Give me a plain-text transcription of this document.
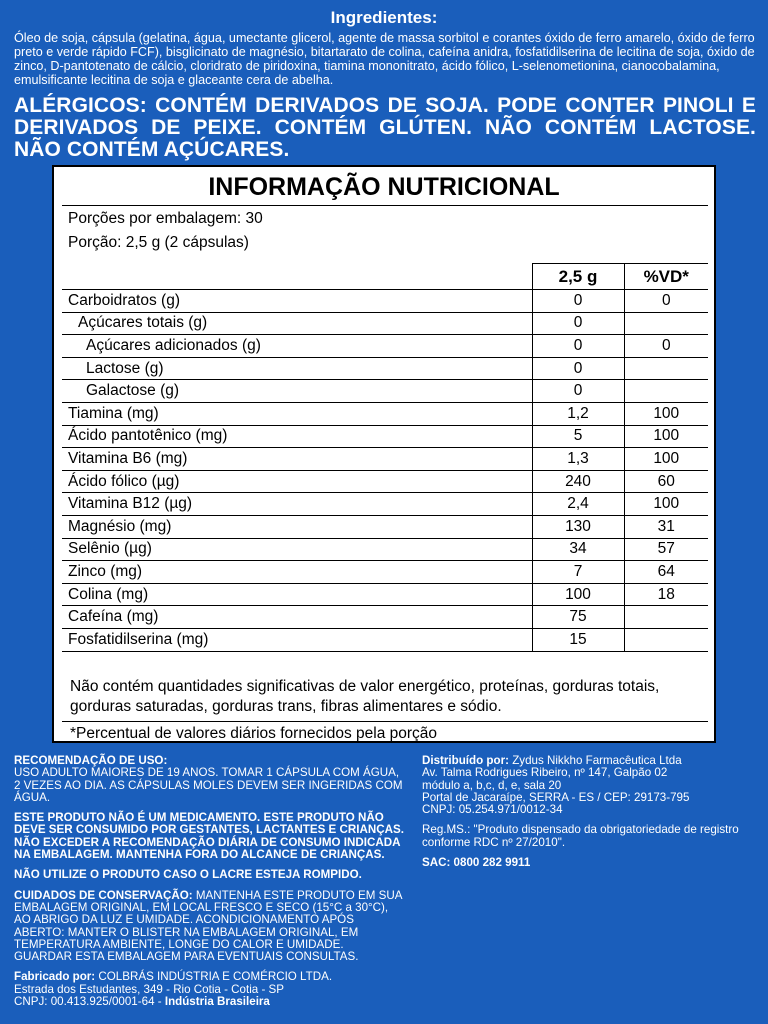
Ingredientes:
Óleo de soja, cápsula (gelatina, água, umectante glicerol, agente de massa sorbitol e corantes óxido de ferro amarelo, óxido de ferro preto e verde rápido FCF), bisglicinato de magnésio, bitartarato de colina, cafeína anidra, fosfatidilserina de lecitina de soja, óxido de zinco, D-pantotenato de cálcio, cloridrato de piridoxina, tiamina mononitrato, ácido fólico, L-selenometionina, cianocobalamina, emulsificante lecitina de soja e glaceante cera de abelha.
ALÉRGICOS: CONTÉM DERIVADOS DE SOJA. PODE CONTER PINOLI E DERIVADOS DE PEIXE. CONTÉM GLÚTEN. NÃO CONTÉM LACTOSE. NÃO CONTÉM AÇÚCARES.
INFORMAÇÃO NUTRICIONAL
Porções por embalagem: 30
Porção: 2,5 g (2 cápsulas)
	2,5 g	%VD*
Carboidratos (g)	0	0
Açúcares totais (g)	0	
Açúcares adicionados (g)	0	0
Lactose (g)	0	
Galactose (g)	0	
Tiamina (mg)	1,2	100
Ácido pantotênico (mg)	5	100
Vitamina B6 (mg)	1,3	100
Ácido fólico (µg)	240	60
Vitamina B12 (µg)	2,4	100
Magnésio (mg)	130	31
Selênio (µg)	34	57
Zinco (mg)	7	64
Colina (mg)	100	18
Cafeína (mg)	75	
Fosfatidilserina (mg)	15	
Não contém quantidades significativas de valor energético, proteínas, gorduras totais, gorduras saturadas, gorduras trans, fibras alimentares e sódio.
*Percentual de valores diários fornecidos pela porção
RECOMENDAÇÃO DE USO:
USO ADULTO MAIORES DE 19 ANOS. TOMAR 1 CÁPSULA COM ÁGUA, 2 VEZES AO DIA. AS CÁPSULAS MOLES DEVEM SER INGERIDAS COM ÁGUA.
ESTE PRODUTO NÃO É UM MEDICAMENTO. ESTE PRODUTO NÃO DEVE SER CONSUMIDO POR GESTANTES, LACTANTES E CRIANÇAS. NÃO EXCEDER A RECOMENDAÇÃO DIÁRIA DE CONSUMO INDICADA NA EMBALAGEM. MANTENHA FORA DO ALCANCE DE CRIANÇAS.
NÃO UTILIZE O PRODUTO CASO O LACRE ESTEJA ROMPIDO.
CUIDADOS DE CONSERVAÇÃO: MANTENHA ESTE PRODUTO EM SUA EMBALAGEM ORIGINAL, EM LOCAL FRESCO E SECO (15°C a 30°C), AO ABRIGO DA LUZ E UMIDADE. ACONDICIONAMENTO APÓS ABERTO: MANTER O BLISTER NA EMBALAGEM ORIGINAL, EM TEMPERATURA AMBIENTE, LONGE DO CALOR E UMIDADE. GUARDAR ESTA EMBALAGEM PARA EVENTUAIS CONSULTAS.
Fabricado por: COLBRÁS INDÚSTRIA E COMÉRCIO LTDA.
Estrada dos Estudantes, 349 - Rio Cotia - Cotia - SP
CNPJ: 00.413.925/0001-64 - Indústria Brasileira
Distribuído por: Zydus Nikkho Farmacêutica Ltda
Av. Talma Rodrigues Ribeiro, nº 147, Galpão 02
módulo a, b,c, d, e, sala 20
Portal de Jacaraípe, SERRA - ES / CEP: 29173-795
CNPJ: 05.254.971/0012-34
Reg.MS.: "Produto dispensado da obrigatoriedade de registro conforme RDC nº 27/2010".
SAC: 0800 282 9911
